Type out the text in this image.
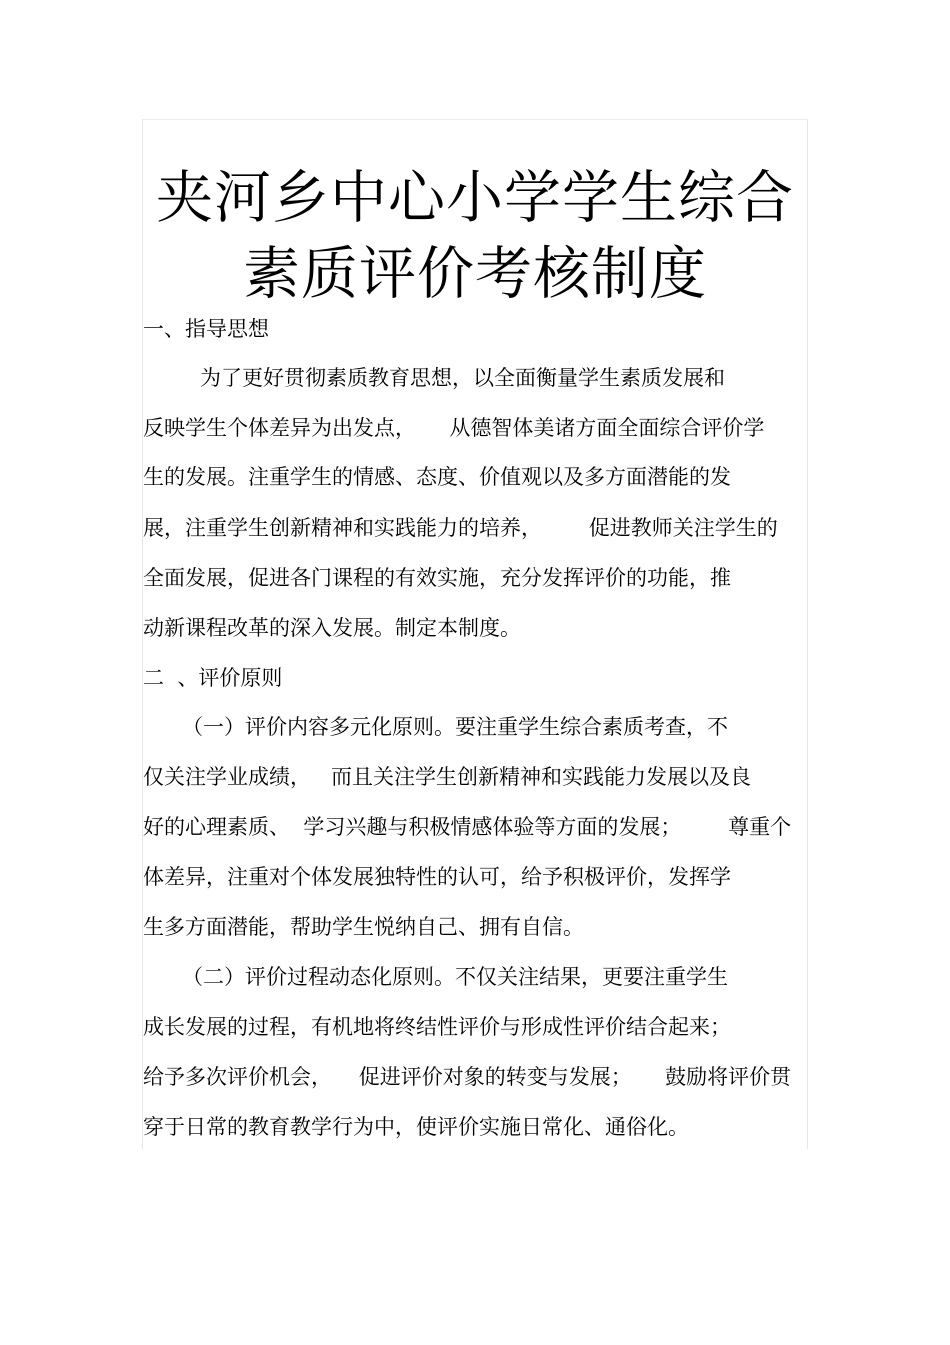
夹河乡中心小学学生综合
素质评价考核制度
一、指导思想
为了更好贯彻素质教育思想，以全面衡量学生素质发展和
反映学生个体差异为出发点，     从德智体美诸方面全面综合评价学
生的发展。注重学生的情感、态度、价值观以及多方面潜能的发
展，注重学生创新精神和实践能力的培养，       促进教师关注学生的
全面发展，促进各门课程的有效实施，充分发挥评价的功能，推
动新课程改革的深入发展。制定本制度。
二  、评价原则
（一）评价内容多元化原则。要注重学生综合素质考查，不
仅关注学业成绩，   而且关注学生创新精神和实践能力发展以及良
好的心理素质、  学习兴趣与积极情感体验等方面的发展；       尊重个
体差异，注重对个体发展独特性的认可，给予积极评价，发挥学
生多方面潜能，帮助学生悦纳自己、拥有自信。
（二）评价过程动态化原则。不仅关注结果，更要注重学生
成长发展的过程，有机地将终结性评价与形成性评价结合起来；
给予多次评价机会，    促进评价对象的转变与发展；     鼓励将评价贯
穿于日常的教育教学行为中，使评价实施日常化、通俗化。
